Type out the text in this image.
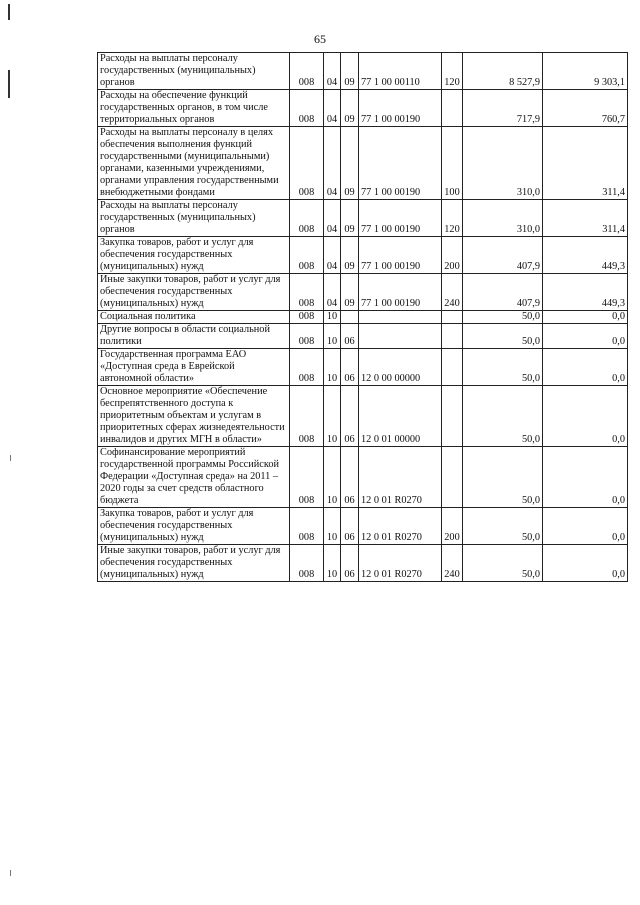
65
Расходы на выплаты персоналу государственных (муниципальных) органов	008	04	09	77 1 00 00110	120	8 527,9	9 303,1
Расходы на обеспечение функций государственных органов, в том числе территориальных органов	008	04	09	77 1 00 00190		717,9	760,7
Расходы на выплаты персоналу в целях обеспечения выполнения функций государственными (муниципальными) органами, казенными учреждениями, органами управления государственными внебюджетными фондами	008	04	09	77 1 00 00190	100	310,0	311,4
Расходы на выплаты персоналу государственных (муниципальных) органов	008	04	09	77 1 00 00190	120	310,0	311,4
Закупка товаров, работ и услуг для обеспечения государственных (муниципальных) нужд	008	04	09	77 1 00 00190	200	407,9	449,3
Иные закупки товаров, работ и услуг для обеспечения государственных (муниципальных) нужд	008	04	09	77 1 00 00190	240	407,9	449,3
Социальная политика	008	10				50,0	0,0
Другие вопросы в области социальной политики	008	10	06			50,0	0,0
Государственная программа ЕАО «Доступная среда в Еврейской автономной области»	008	10	06	12 0 00 00000		50,0	0,0
Основное мероприятие «Обеспечение беспрепятственного доступа к приоритетным объектам и услугам в приоритетных сферах жизнедеятельности инвалидов и других МГН в области»	008	10	06	12 0 01 00000		50,0	0,0
Софинансирование мероприятий государственной программы Российской Федерации «Доступная среда» на 2011 – 2020 годы за счет средств областного бюджета	008	10	06	12 0 01 R0270		50,0	0,0
Закупка товаров, работ и услуг для обеспечения государственных (муниципальных) нужд	008	10	06	12 0 01 R0270	200	50,0	0,0
Иные закупки товаров, работ и услуг для обеспечения государственных (муниципальных) нужд	008	10	06	12 0 01 R0270	240	50,0	0,0
